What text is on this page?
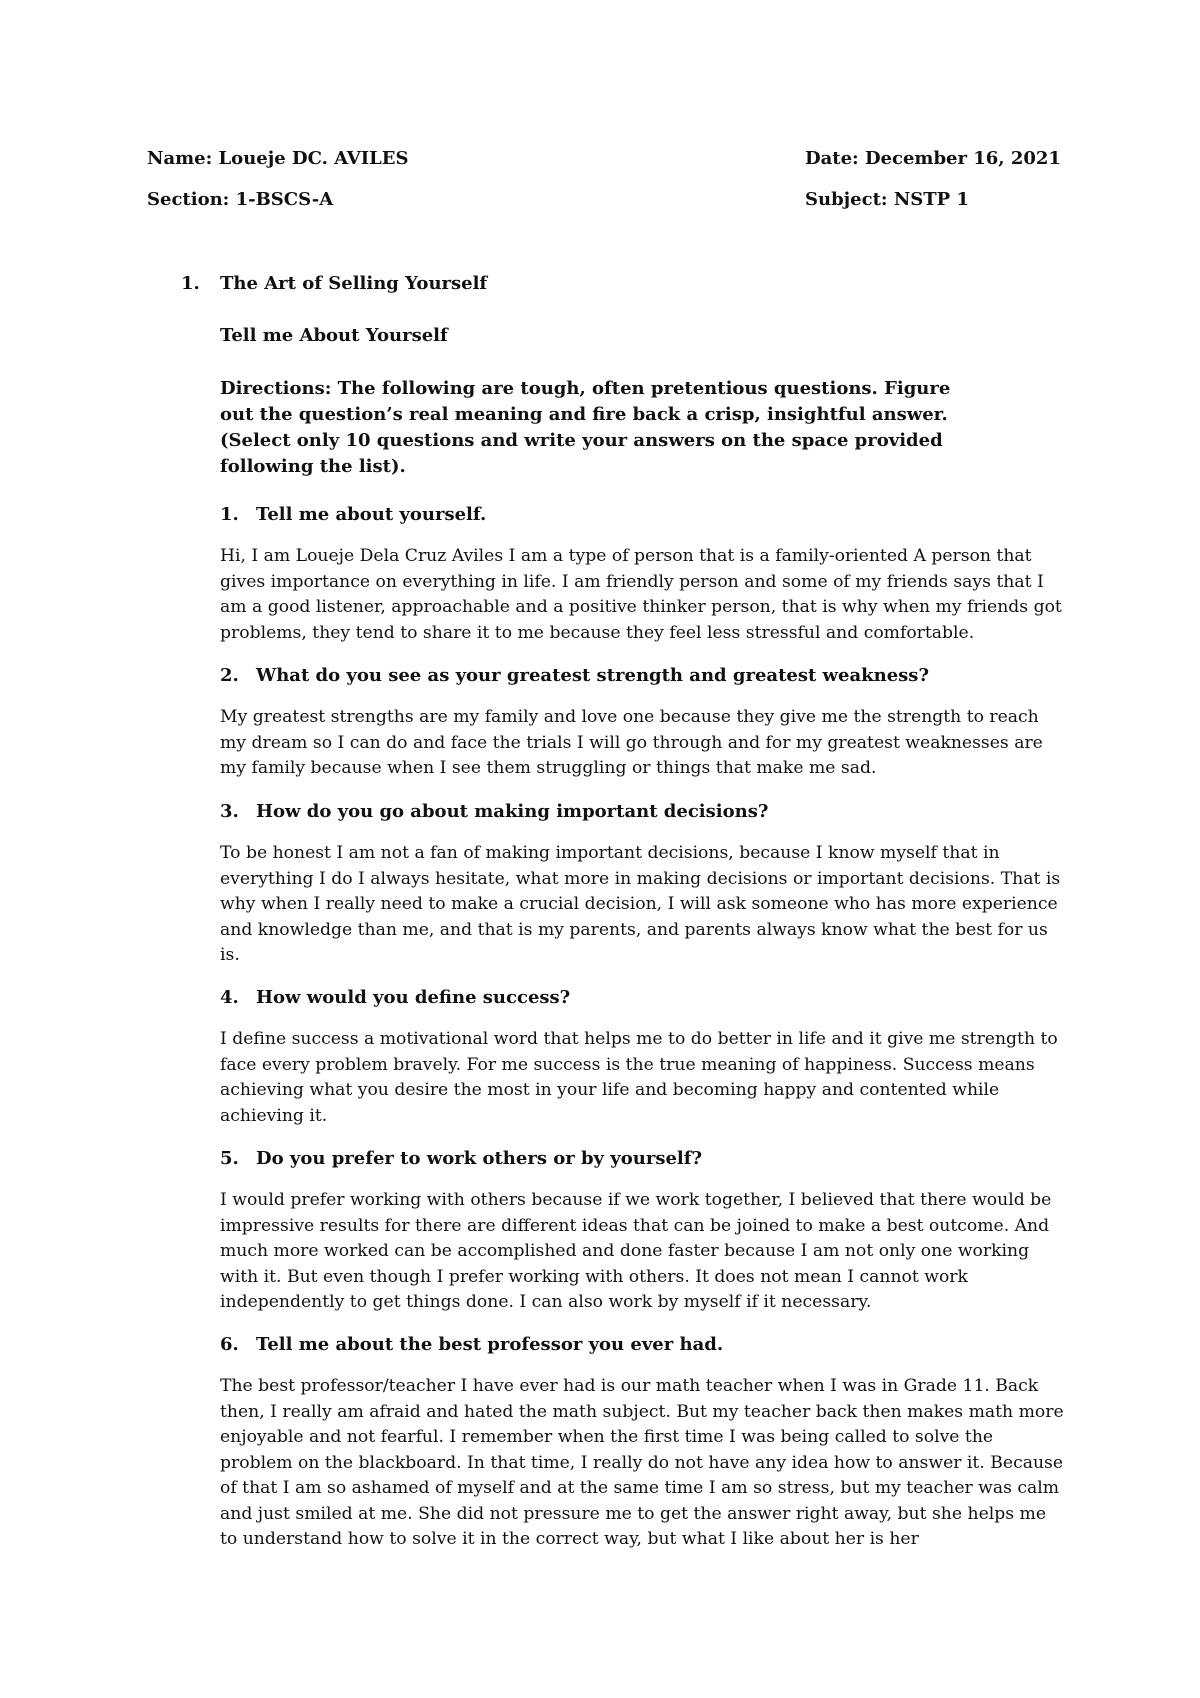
Name: Loueje DC. AVILES	Date: December 16, 2021
Section: 1-BSCS-A	Subject: NSTP 1
1. The Art of Selling Yourself
Tell me About Yourself
Directions: The following are tough, often pretentious questions. Figure out the question’s real meaning and fire back a crisp, insightful answer. (Select only 10 questions and write your answers on the space provided following the list).
1. Tell me about yourself.
Hi, I am Loueje Dela Cruz Aviles I am a type of person that is a family-oriented A person that gives importance on everything in life. I am friendly person and some of my friends says that I am a good listener, approachable and a positive thinker person, that is why when my friends got problems, they tend to share it to me because they feel less stressful and comfortable.
2. What do you see as your greatest strength and greatest weakness?
My greatest strengths are my family and love one because they give me the strength to reach my dream so I can do and face the trials I will go through and for my greatest weaknesses are my family because when I see them struggling or things that make me sad.
3. How do you go about making important decisions?
To be honest I am not a fan of making important decisions, because I know myself that in everything I do I always hesitate, what more in making decisions or important decisions. That is why when I really need to make a crucial decision, I will ask someone who has more experience and knowledge than me, and that is my parents, and parents always know what the best for us is.
4. How would you define success?
I define success a motivational word that helps me to do better in life and it give me strength to face every problem bravely. For me success is the true meaning of happiness. Success means achieving what you desire the most in your life and becoming happy and contented while achieving it.
5. Do you prefer to work others or by yourself?
I would prefer working with others because if we work together, I believed that there would be impressive results for there are different ideas that can be joined to make a best outcome. And much more worked can be accomplished and done faster because I am not only one working with it. But even though I prefer working with others. It does not mean I cannot work independently to get things done. I can also work by myself if it necessary.
6. Tell me about the best professor you ever had.
The best professor/teacher I have ever had is our math teacher when I was in Grade 11. Back then, I really am afraid and hated the math subject. But my teacher back then makes math more enjoyable and not fearful. I remember when the first time I was being called to solve the problem on the blackboard. In that time, I really do not have any idea how to answer it. Because of that I am so ashamed of myself and at the same time I am so stress, but my teacher was calm and just smiled at me. She did not pressure me to get the answer right away, but she helps me to understand how to solve it in the correct way, but what I like about her is her
